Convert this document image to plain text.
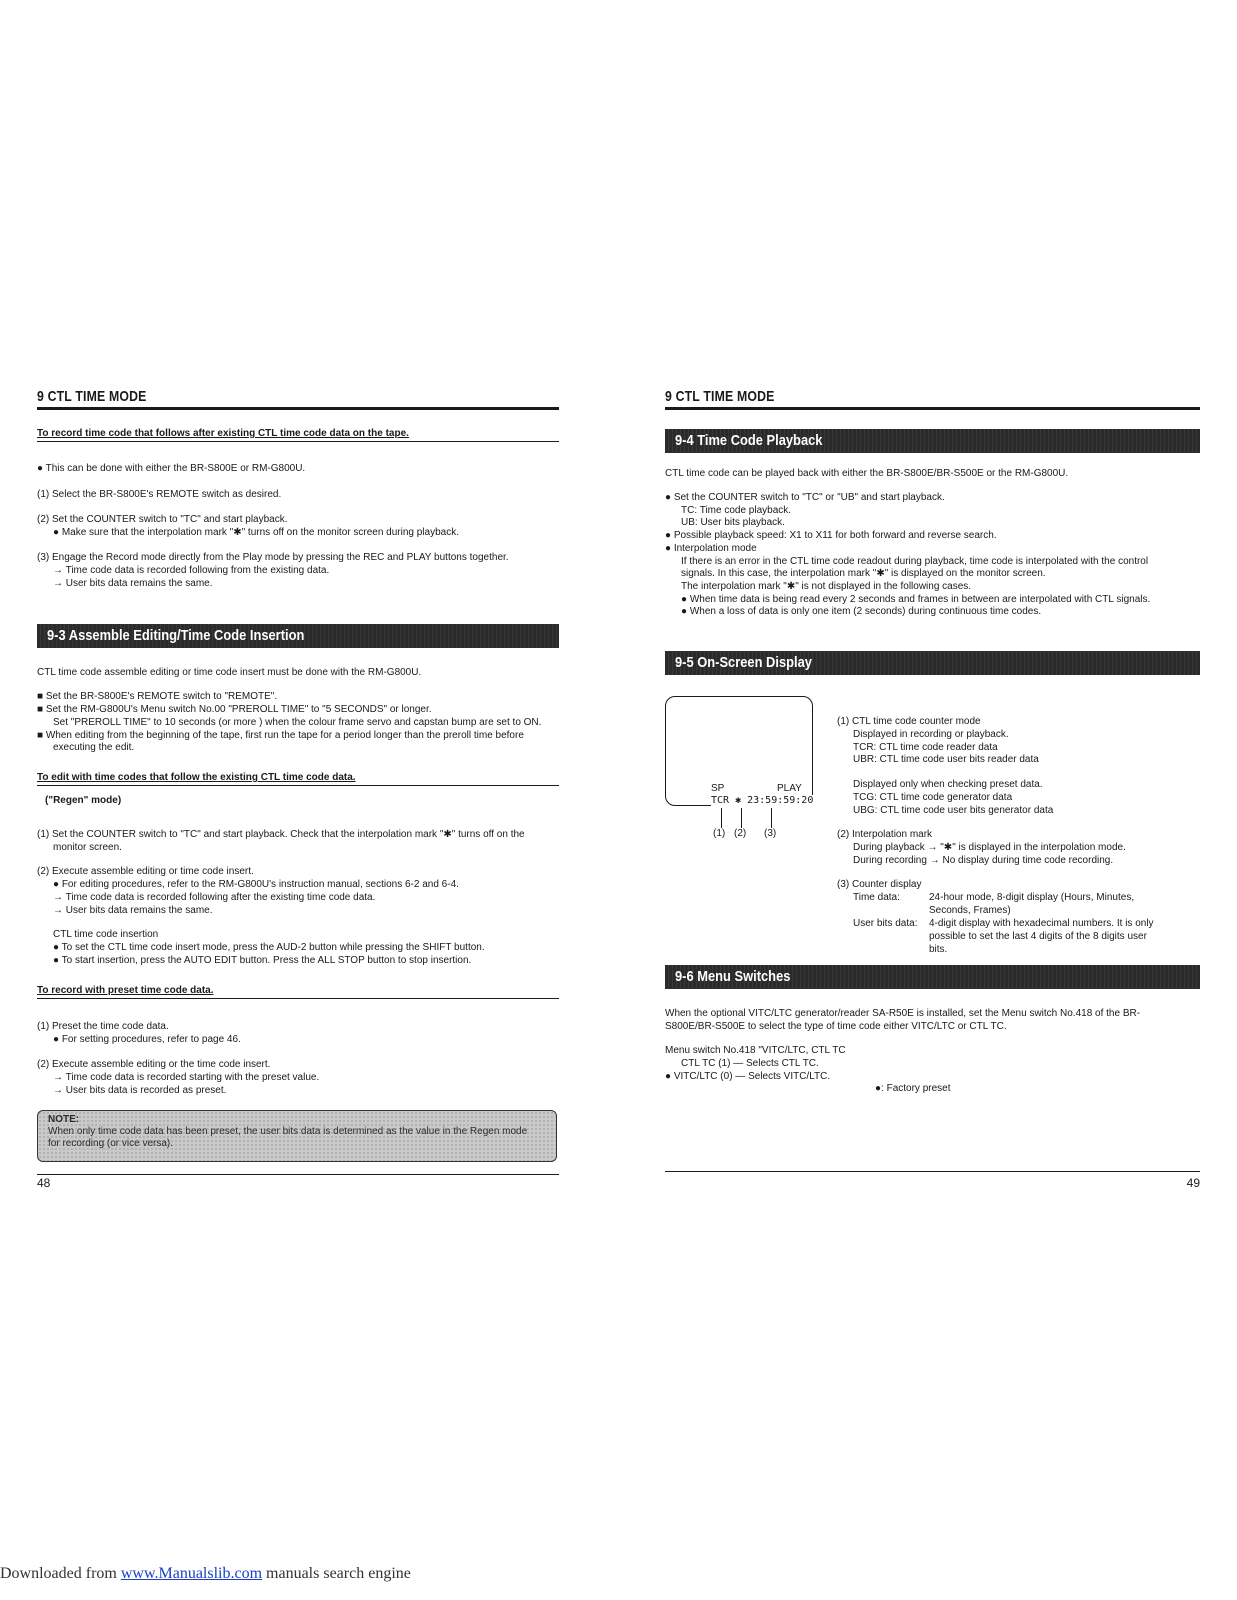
9 CTL TIME MODE
To record time code that follows after existing CTL time code data on the tape.
● This can be done with either the BR-S800E or RM-G800U.
(1) Select the BR-S800E's REMOTE switch as desired.
(2) Set the COUNTER switch to "TC" and start playback.
● Make sure that the interpolation mark "✱" turns off on the monitor screen during playback.
(3) Engage the Record mode directly from the Play mode by pressing the REC and PLAY buttons together.
→ Time code data is recorded following from the existing data.
→ User bits data remains the same.
9-3 Assemble Editing/Time Code Insertion
CTL time code assemble editing or time code insert must be done with the RM-G800U.
■ Set the BR-S800E's REMOTE switch to "REMOTE".
■ Set the RM-G800U's Menu switch No.00 "PREROLL TIME" to "5 SECONDS" or longer.
Set "PREROLL TIME" to 10 seconds (or more ) when the colour frame servo and capstan bump are set to ON.
■ When editing from the beginning of the tape, first run the tape for a period longer than the preroll time before
executing the edit.
To edit with time codes that follow the existing CTL time code data.
("Regen" mode)
(1) Set the COUNTER switch to "TC" and start playback. Check that the interpolation mark "✱" turns off on the
monitor screen.
(2) Execute assemble editing or time code insert.
● For editing procedures, refer to the RM-G800U's instruction manual, sections 6-2 and 6-4.
→ Time code data is recorded following after the existing time code data.
→ User bits data remains the same.
CTL time code insertion
● To set the CTL time code insert mode, press the AUD-2 button while pressing the SHIFT button.
● To start insertion, press the AUTO EDIT button. Press the ALL STOP button to stop insertion.
To record with preset time code data.
(1) Preset the time code data.
● For setting procedures, refer to page 46.
(2) Execute assemble editing or the time code insert.
→ Time code data is recorded starting with the preset value.
→ User bits data is recorded as preset.
NOTE:
When only time code data has been preset, the user bits data is determined as the value in the Regen mode
for recording (or vice versa).
48
9 CTL TIME MODE
9-4 Time Code Playback
CTL time code can be played back with either the BR-S800E/BR-S500E or the RM-G800U.
● Set the COUNTER switch to "TC" or "UB" and start playback.
TC: Time code playback.
UB: User bits playback.
● Possible playback speed: X1 to X11 for both forward and reverse search.
● Interpolation mode
If there is an error in the CTL time code readout during playback, time code is interpolated with the control
signals. In this case, the interpolation mark "✱" is displayed on the monitor screen.
The interpolation mark "✱" is not displayed in the following cases.
● When time data is being read every 2 seconds and frames in between are interpolated with CTL signals.
● When a loss of data is only one item (2 seconds) during continuous time codes.
9-5 On-Screen Display
SP	PLAY
TCR ✱ 23:59:59:20
(1) (2) (3)
(1) CTL time code counter mode
Displayed in recording or playback.
TCR: CTL time code reader data
UBR: CTL time code user bits reader data
Displayed only when checking preset data.
TCG: CTL time code generator data
UBG: CTL time code user bits generator data
(2) Interpolation mark
During playback → "✱" is displayed in the interpolation mode.
During recording → No display during time code recording.
(3) Counter display
Time data:	24-hour mode, 8-digit display (Hours, Minutes,
Seconds, Frames)
User bits data:	4-digit display with hexadecimal numbers. It is only
possible to set the last 4 digits of the 8 digits user
bits.
9-6 Menu Switches
When the optional VITC/LTC generator/reader SA-R50E is installed, set the Menu switch No.418 of the BR-
S800E/BR-S500E to select the type of time code either VITC/LTC or CTL TC.
Menu switch No.418 "VITC/LTC, CTL TC
CTL TC (1) — Selects CTL TC.
● VITC/LTC (0) — Selects VITC/LTC.
●: Factory preset
49
Downloaded from www.Manualslib.com manuals search engine
